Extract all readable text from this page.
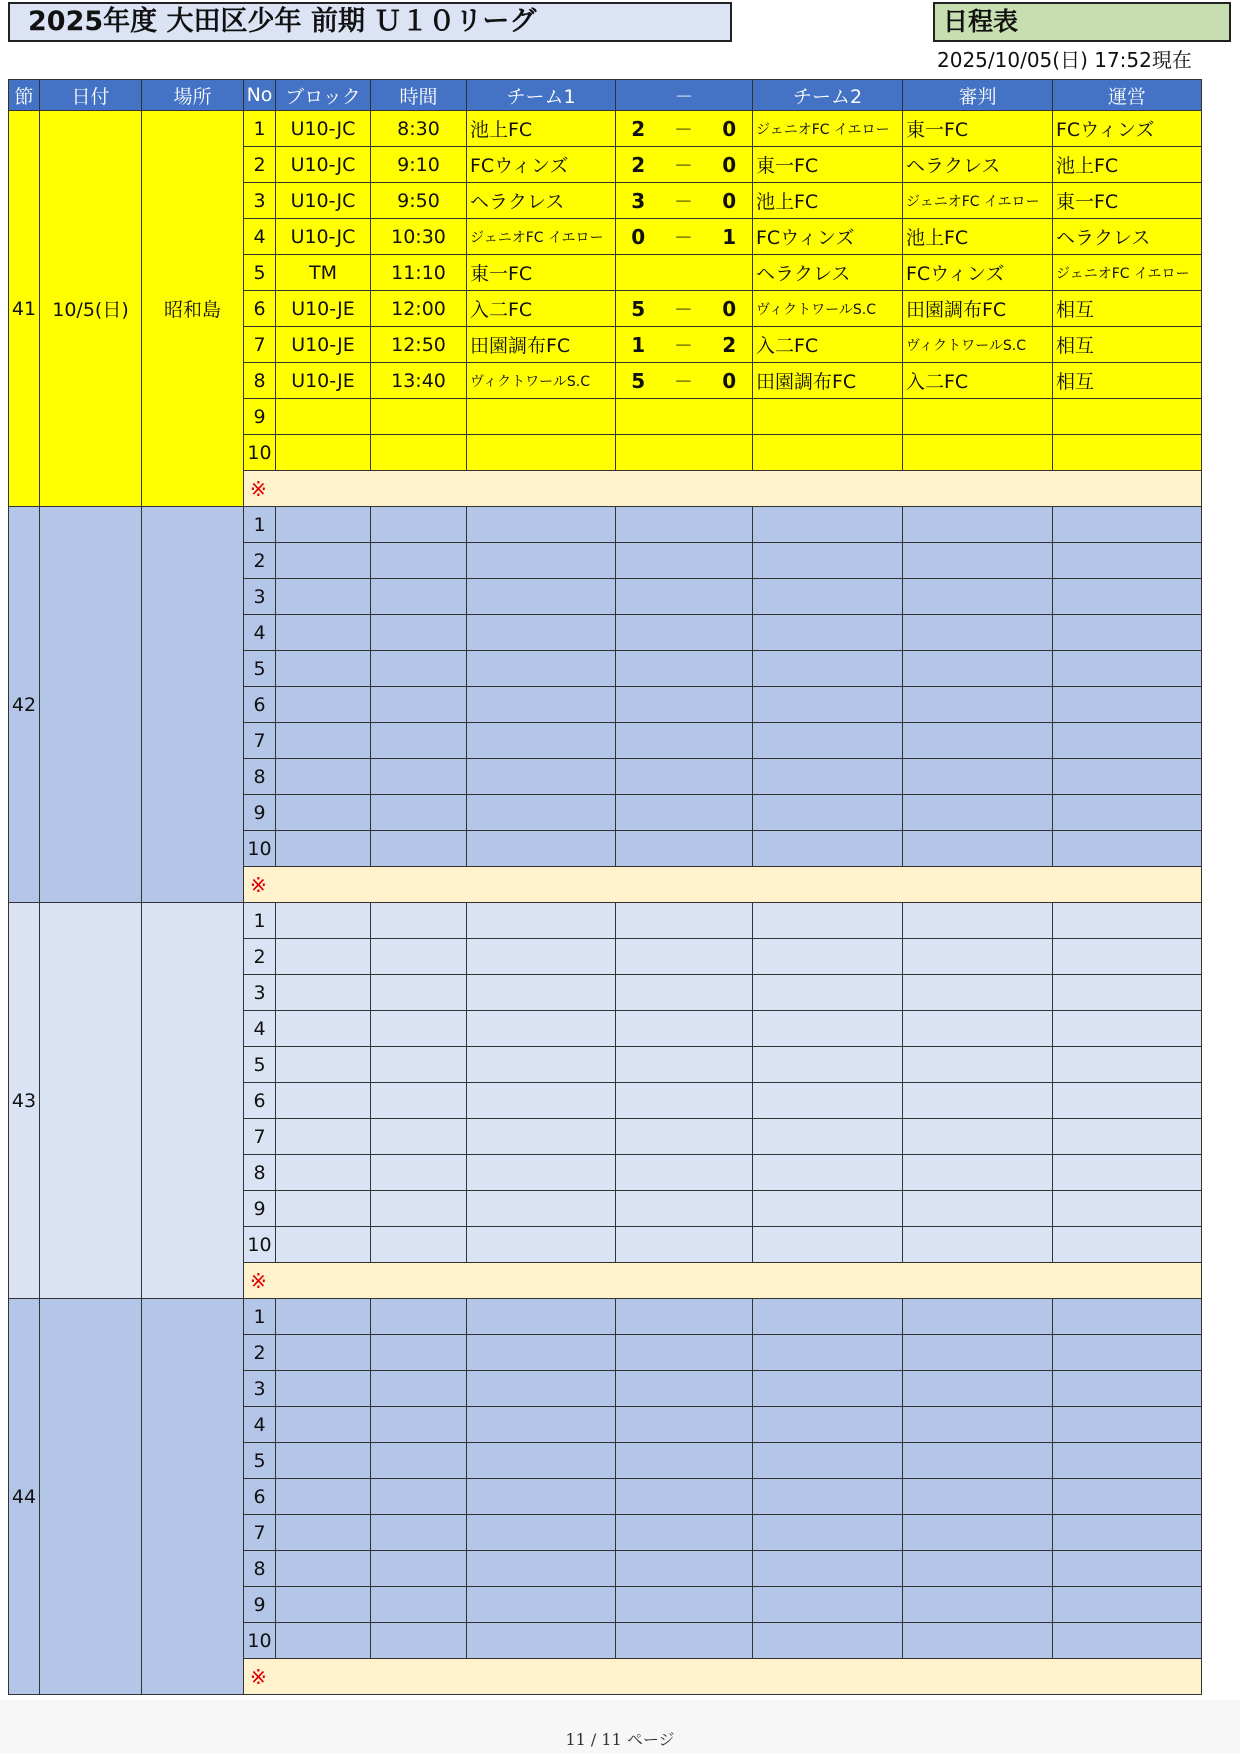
2025年度 大田区少年 前期 Ｕ１０リーグ	日程表
2025/10/05(日) 17:52現在
節	日付	場所	No	ブロック	時間	チーム1	－			チーム2	審判	運営
41	10/5(日)	昭和島	1	U10-JC	8:30	池上FC	2	－	0	ジェニオFC イエロー	東一FC	FCウィンズ
			2	U10-JC	9:10	FCウィンズ	2	－	0	東一FC	ヘラクレス	池上FC
			3	U10-JC	9:50	ヘラクレス	3	－	0	池上FC	ジェニオFC イエロー	東一FC
			4	U10-JC	10:30	ジェニオFC イエロー	0	－	1	FCウィンズ	池上FC	ヘラクレス
			5	TM	11:10	東一FC				ヘラクレス	FCウィンズ	ジェニオFC イエロー
			6	U10-JE	12:00	入二FC	5	－	0	ヴィクトワールS.C	田園調布FC	相互
			7	U10-JE	12:50	田園調布FC	1	－	2	入二FC	ヴィクトワールS.C	相互
			8	U10-JE	13:40	ヴィクトワールS.C	5	－	0	田園調布FC	入二FC	相互
			9									
			10									
			※									
42			1									
			2									
			3									
			4									
			5									
			6									
			7									
			8									
			9									
			10									
			※									
43			1									
			2									
			3									
			4									
			5									
			6									
			7									
			8									
			9									
			10									
			※									
44			1									
			2									
			3									
			4									
			5									
			6									
			7									
			8									
			9									
			10									
			※									
11 / 11 ページ
